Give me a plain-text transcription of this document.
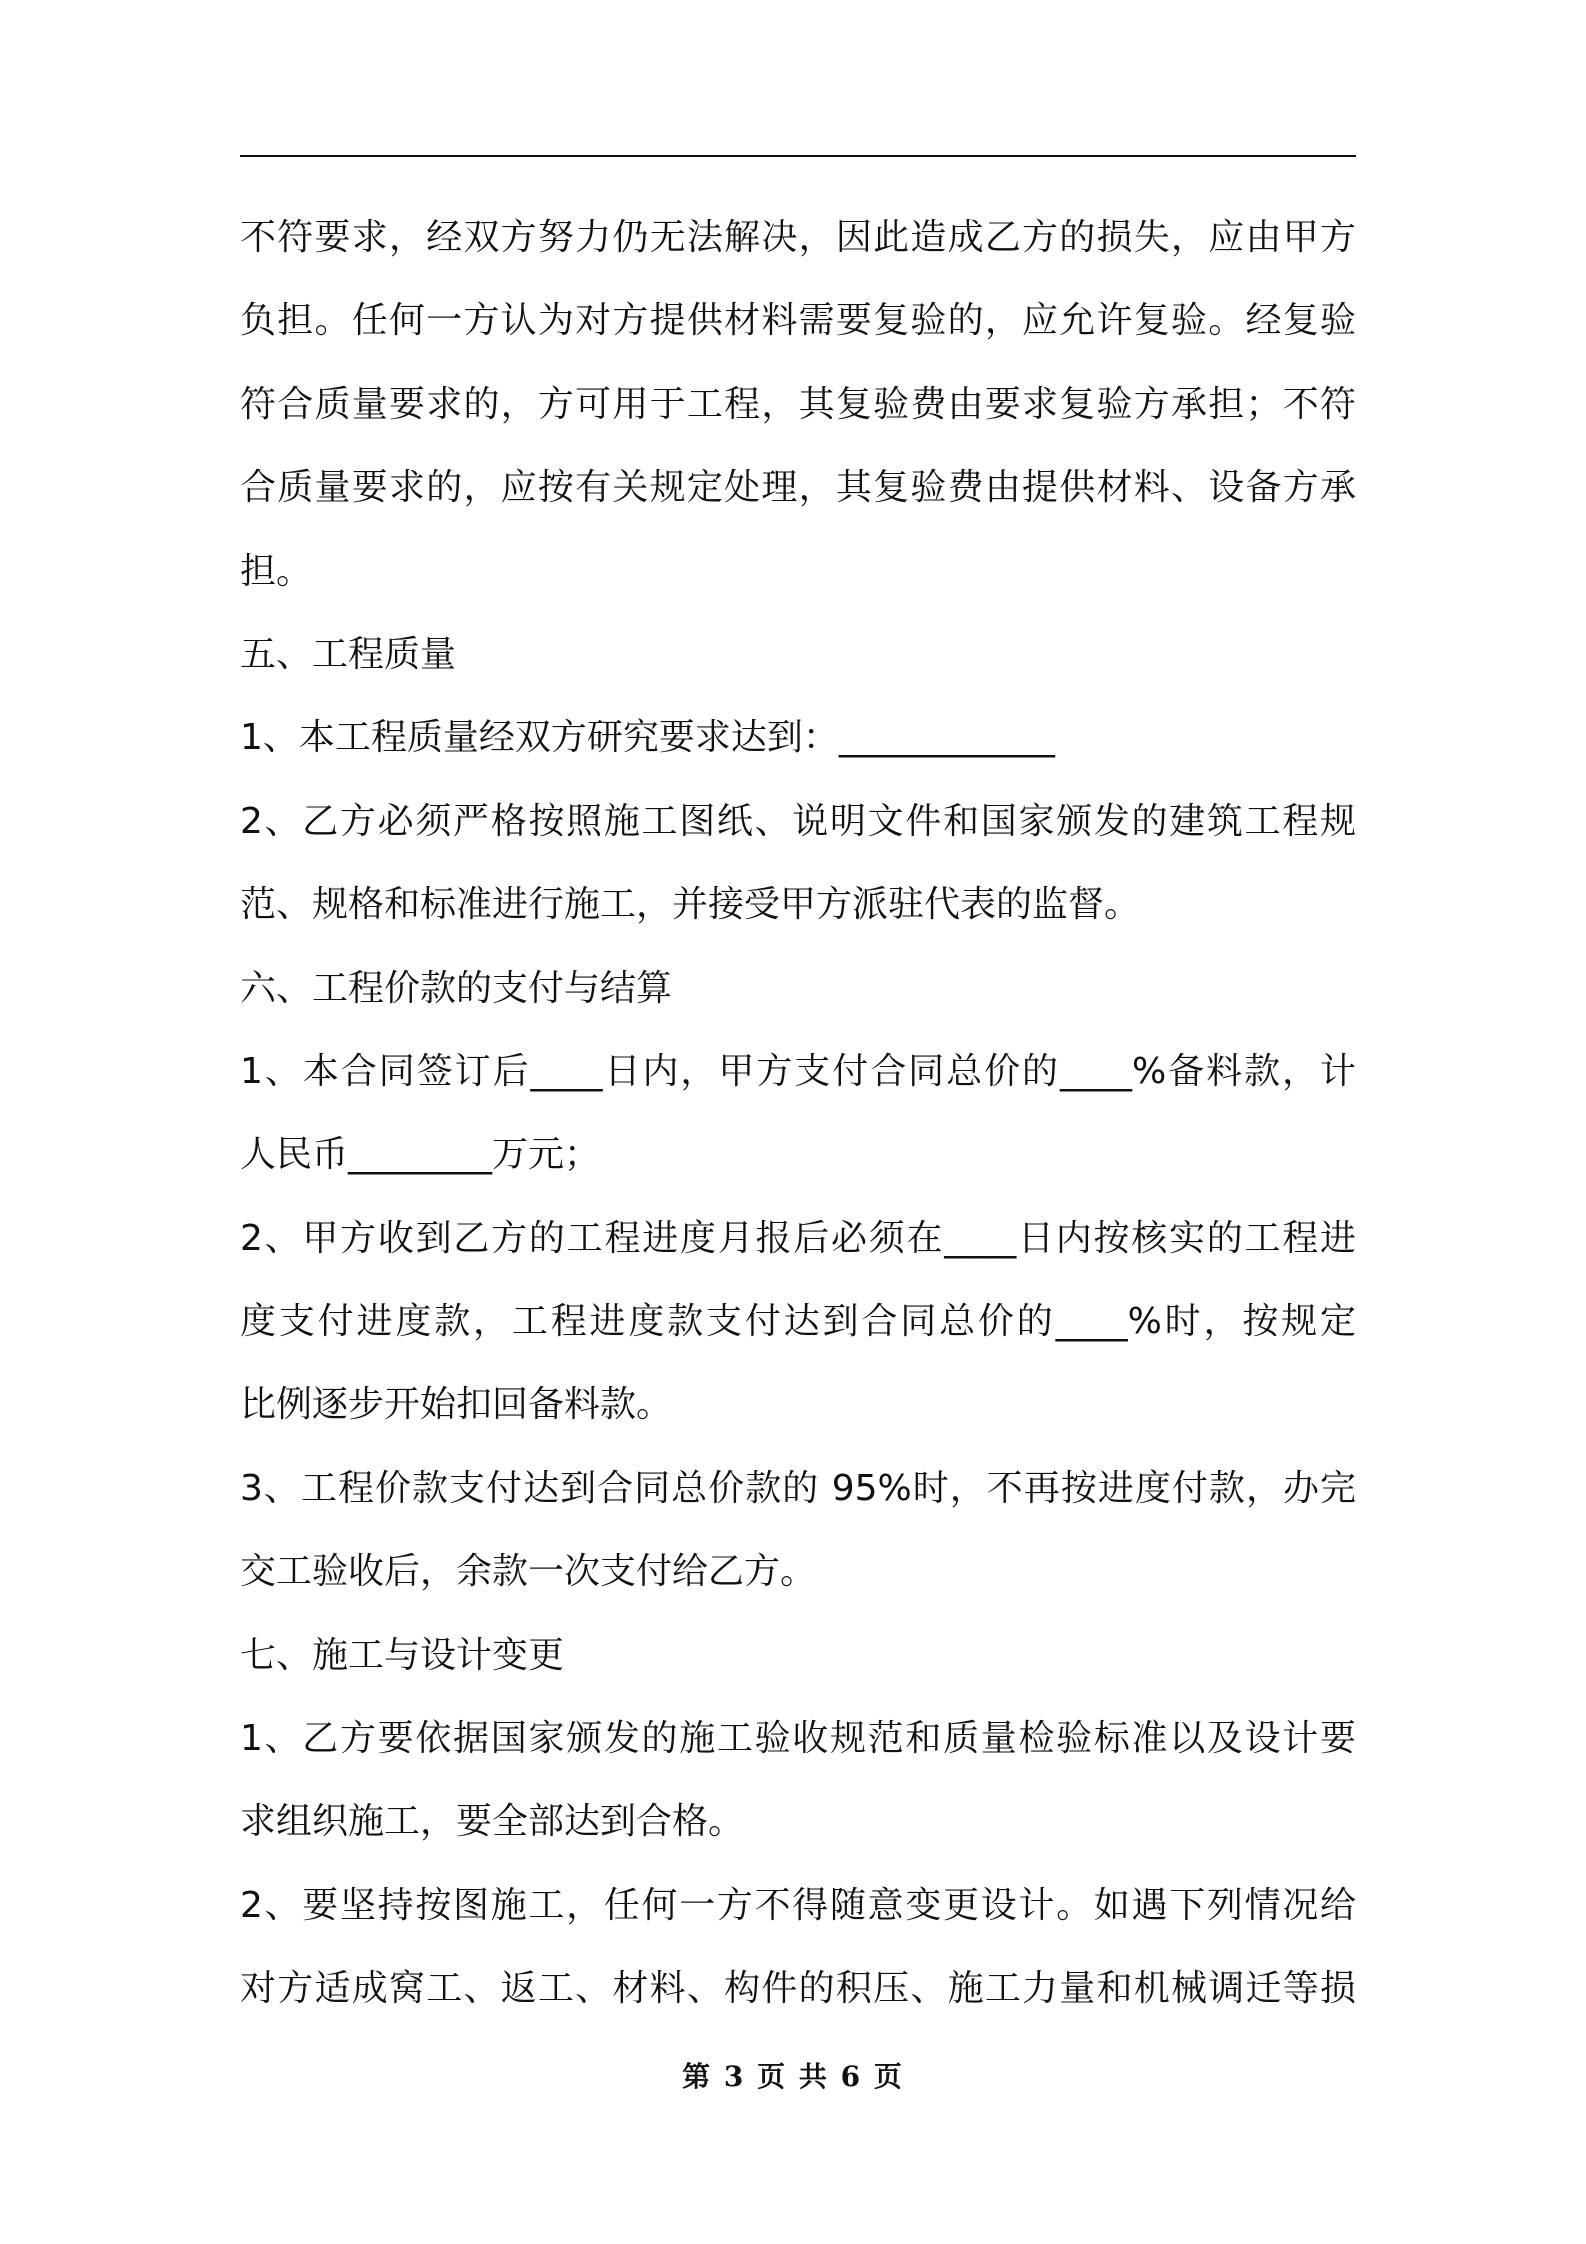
不符要求，经双方努力仍无法解决，因此造成乙方的损失，应由甲方
负担。任何一方认为对方提供材料需要复验的，应允许复验。经复验
符合质量要求的，方可用于工程，其复验费由要求复验方承担；不符
合质量要求的，应按有关规定处理，其复验费由提供材料、设备方承
担。
五、工程质量
1、本工程质量经双方研究要求达到：____________
2、乙方必须严格按照施工图纸、说明文件和国家颁发的建筑工程规
范、规格和标准进行施工，并接受甲方派驻代表的监督。
六、工程价款的支付与结算
1、本合同签订后____日内，甲方支付合同总价的____%备料款，计
人民币________万元；
2、甲方收到乙方的工程进度月报后必须在____日内按核实的工程进
度支付进度款，工程进度款支付达到合同总价的____%时，按规定
比例逐步开始扣回备料款。
3、工程价款支付达到合同总价款的 95%时，不再按进度付款，办完
交工验收后，余款一次支付给乙方。
七、施工与设计变更
1、乙方要依据国家颁发的施工验收规范和质量检验标准以及设计要
求组织施工，要全部达到合格。
2、要坚持按图施工，任何一方不得随意变更设计。如遇下列情况给
对方适成窝工、返工、材料、构件的积压、施工力量和机械调迁等损
第 3 页 共 6 页
